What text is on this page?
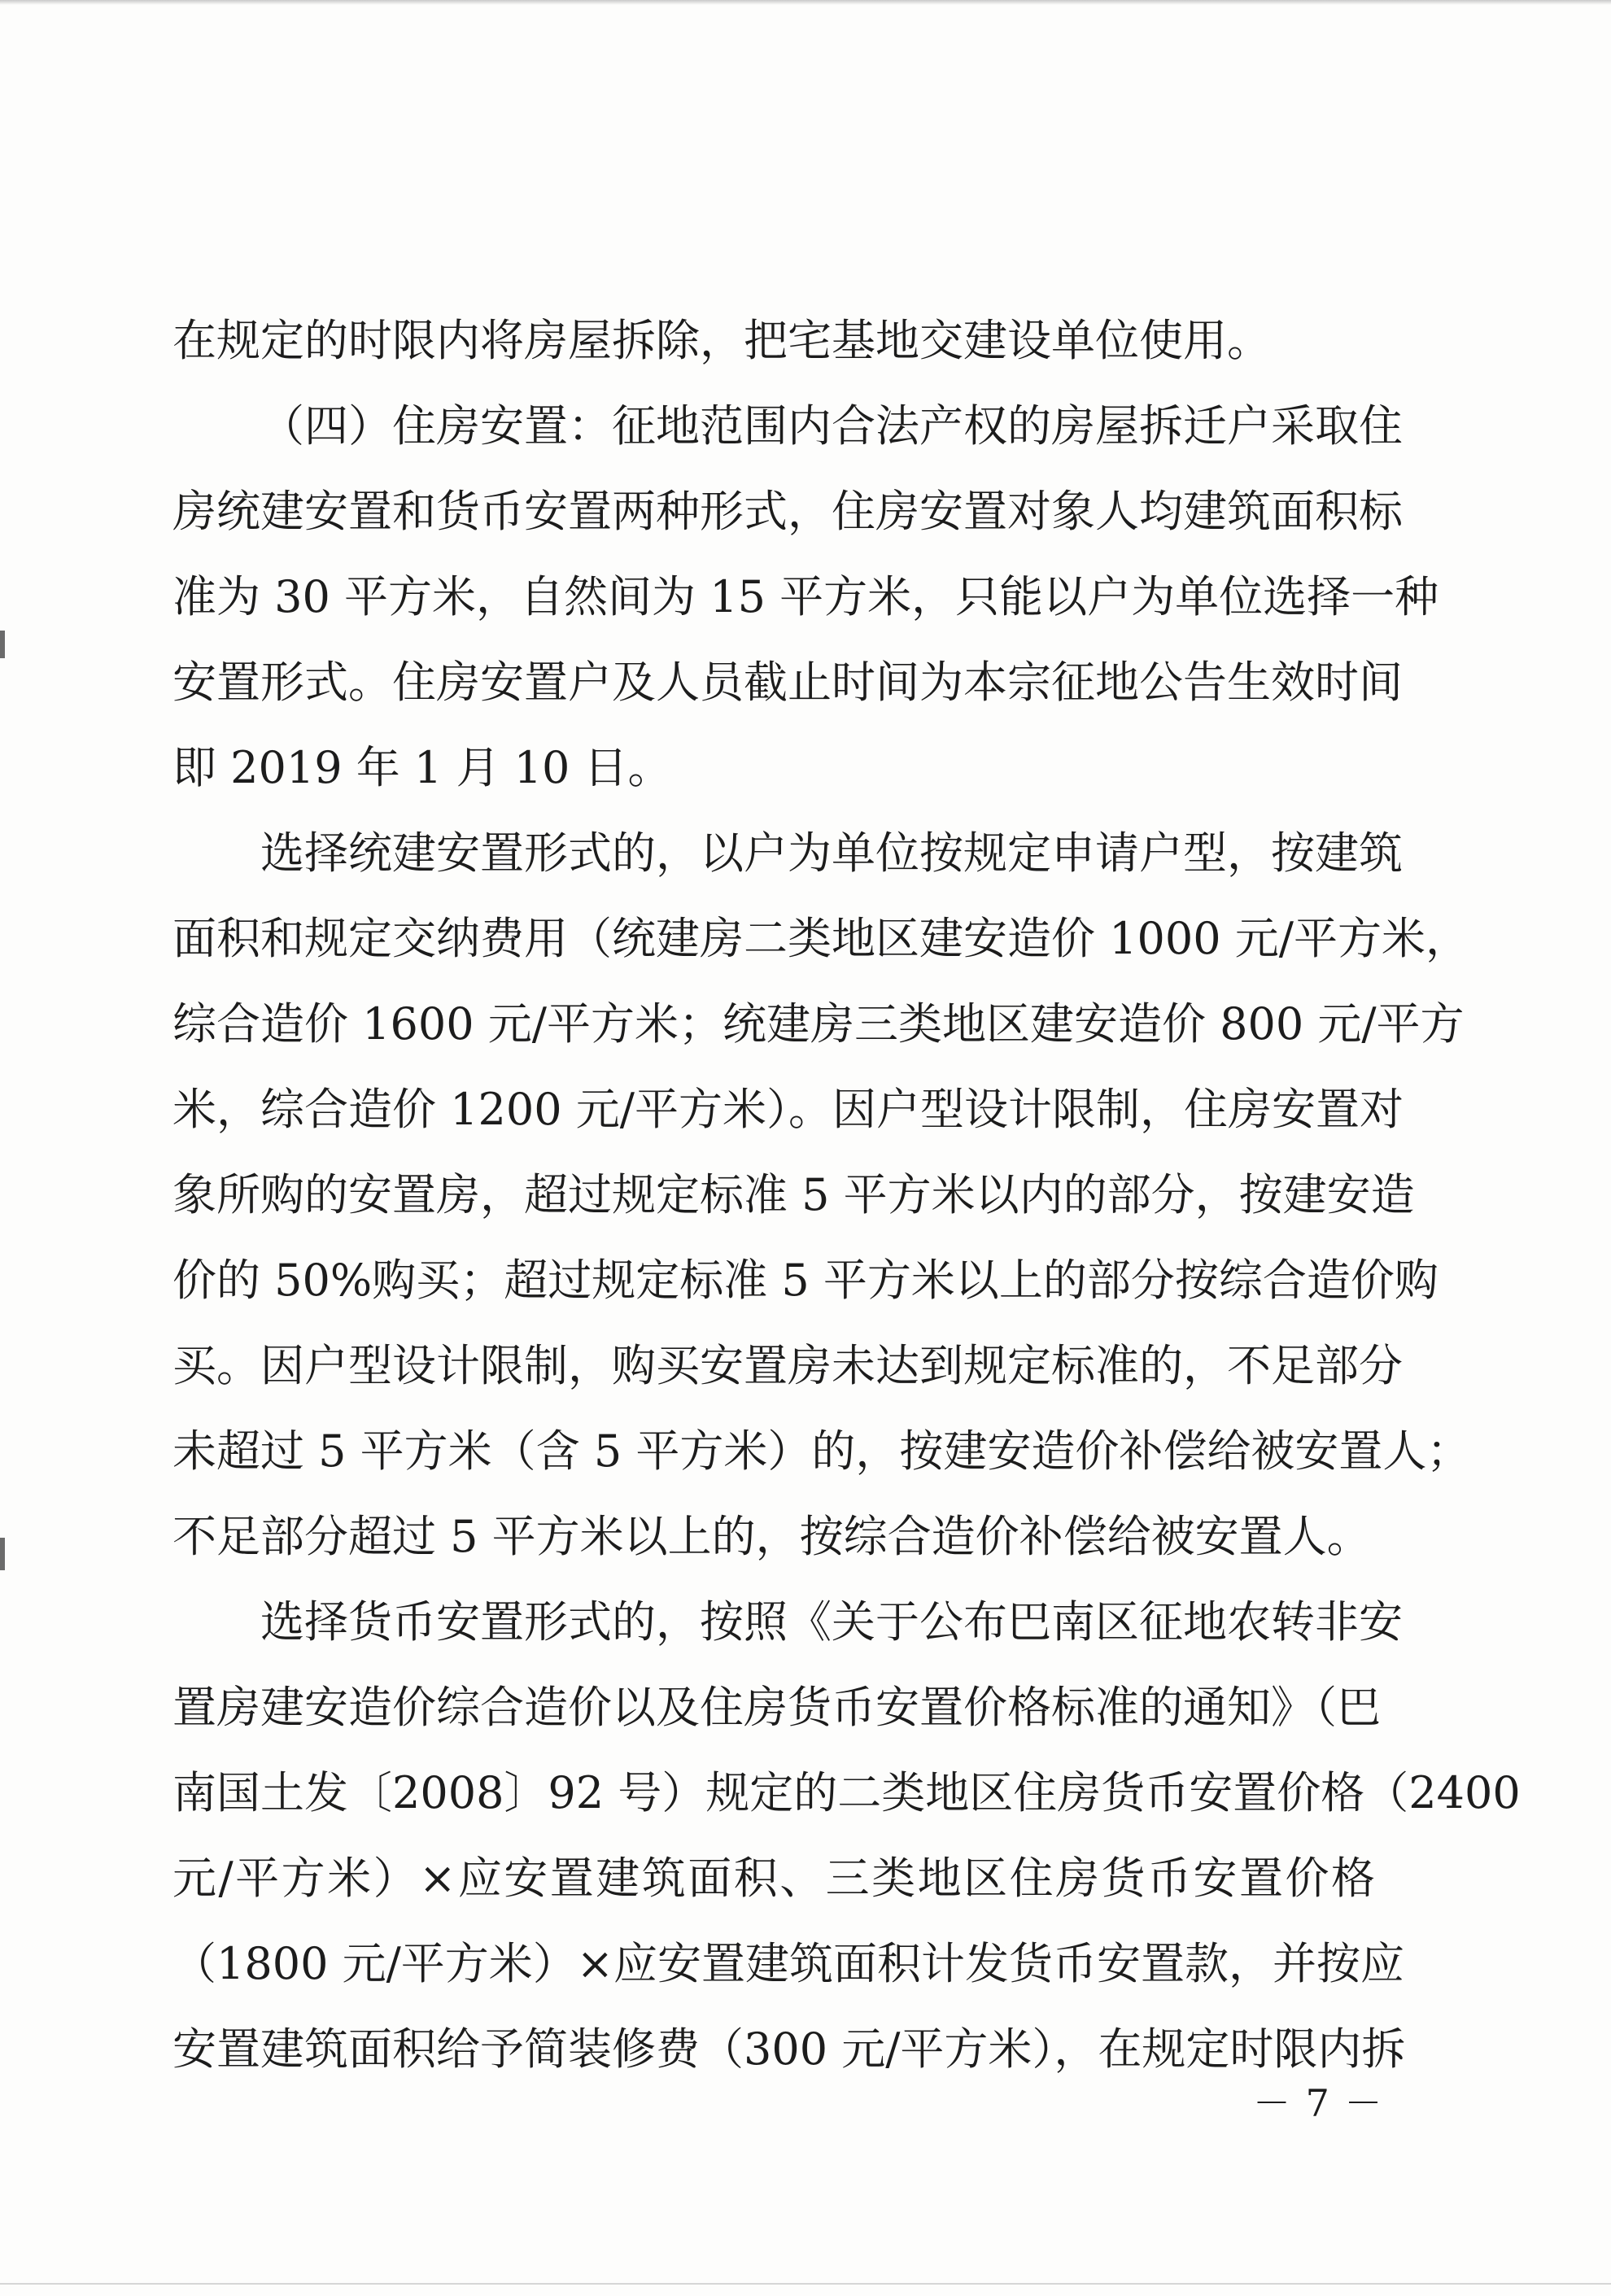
在规定的时限内将房屋拆除，把宅基地交建设单位使用。
（四）住房安置：征地范围内合法产权的房屋拆迁户采取住
房统建安置和货币安置两种形式，住房安置对象人均建筑面积标
准为 30 平方米，自然间为 15 平方米，只能以户为单位选择一种
安置形式。住房安置户及人员截止时间为本宗征地公告生效时间
即 2019 年 1 月 10 日。
选择统建安置形式的，以户为单位按规定申请户型，按建筑
面积和规定交纳费用（统建房二类地区建安造价 1000 元/平方米，
综合造价 1600 元/平方米；统建房三类地区建安造价 800 元/平方
米，综合造价 1200 元/平方米）。因户型设计限制，住房安置对
象所购的安置房，超过规定标准 5 平方米以内的部分，按建安造
价的 50%购买；超过规定标准 5 平方米以上的部分按综合造价购
买。因户型设计限制，购买安置房未达到规定标准的，不足部分
未超过 5 平方米（含 5 平方米）的，按建安造价补偿给被安置人；
不足部分超过 5 平方米以上的，按综合造价补偿给被安置人。
选择货币安置形式的，按照《关于公布巴南区征地农转非安
置房建安造价综合造价以及住房货币安置价格标准的通知》（巴
南国土发〔2008〕92 号）规定的二类地区住房货币安置价格（2400
元/平方米）×应安置建筑面积、三类地区住房货币安置价格
（1800 元/平方米）×应安置建筑面积计发货币安置款，并按应
安置建筑面积给予简装修费（300 元/平方米），在规定时限内拆
－ 7 －
